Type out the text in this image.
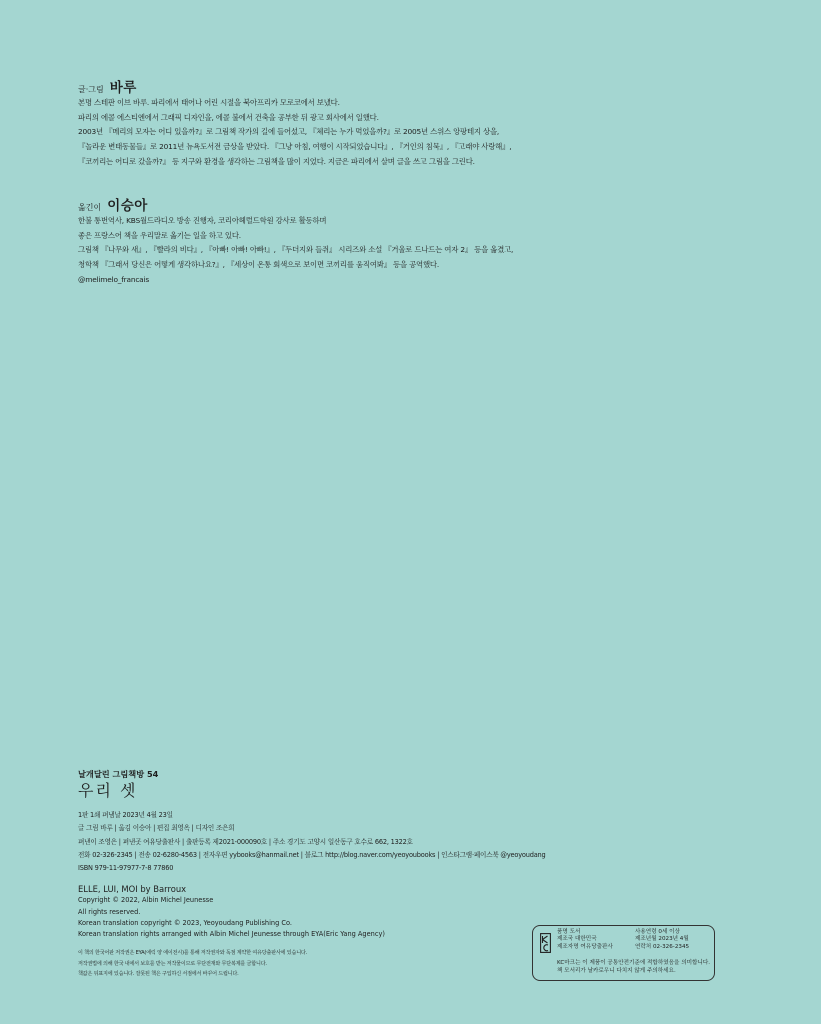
글·그림 바루
본명 스테판 이브 바루. 파리에서 태어나 어린 시절을 북아프리카 모로코에서 보냈다.
파리의 에콜 에스티엔에서 그래픽 디자인을, 에콜 불에서 건축을 공부한 뒤 광고 회사에서 일했다.
2003년 『메리의 모자는 어디 있을까?』로 그림책 작가의 길에 들어섰고, 『체리는 누가 먹었을까?』로 2005년 스위스 앙팡테지 상을,
『놀라운 변태동물들』로 2011년 뉴욕도서전 금상을 받았다. 『그냥 아침, 여행이 시작되었습니다』, 『거인의 침묵』, 『고래야 사랑해』,
『코끼리는 어디로 갔을까?』 등 지구와 환경을 생각하는 그림책을 많이 지었다. 지금은 파리에서 살며 글을 쓰고 그림을 그린다.
옮긴이 이승아
한불 통번역사, KBS월드라디오 방송 진행자, 코리아헤럴드학원 강사로 활동하며
좋은 프랑스어 책을 우리말로 옮기는 일을 하고 있다.
그림책 『나무와 새』, 『빨라의 비다』, 『아빠! 아빠! 아빠!』, 『두더지와 들쥐』 시리즈와 소설 『거울로 드나드는 여자 2』 등을 옮겼고,
청학책 『그래서 당신은 어떻게 생각하나요?』, 『세상이 온통 회색으로 보이면 코끼리를 움직여봐』 등을 공역했다.
@melimelo_francais
날개달린 그림책방 54
우리 셋
1판 1쇄 펴냄날 2023년 4월 23일
글 그림 바루 | 옮김 이승아 | 편집 최영옥 | 디자인 조은희
펴낸이 조영은 | 펴낸곳 여유당출판사 | 출판등록 제2021-000090호 | 주소 경기도 고양시 일산동구 호수로 662, 1322호
전화 02-326-2345 | 전송 02-6280-4563 | 전자우편 yybooks@hanmail.net | 블로그 http://blog.naver.com/yeoyoubooks | 인스타그램·페이스북 @yeoyoudang
ISBN 979-11-97977-7-8 77860
ELLE, LUI, MOI by Barroux
Copyright © 2022, Albin Michel Jeunesse
All rights reserved.
Korean translation copyright © 2023, Yeoyoudang Publishing Co.
Korean translation rights arranged with Albin Michel Jeunesse through EYA(Eric Yang Agency)
이 책의 한국어판 저작권은 EYA(에릭 양 에이전시)를 통해 저작권자와 독점 계약한 여유당출판사에 있습니다.
저작권법에 의해 한국 내에서 보호를 받는 저작물이므로 무단전재와 무단복제를 금합니다.
책값은 뒤표지에 있습니다. 잘못된 책은 구입하신 서점에서 바꾸어 드립니다.
품명 도서
제조국 대한민국
제조자명 여유당출판사
사용연령 0세 이상
제조년월 2023년 4월
연락처 02-326-2345
KC마크는 이 제품이 공통안전기준에 적합하였음을 의미합니다.
책 모서리가 날카로우니 다치지 않게 주의하세요.
